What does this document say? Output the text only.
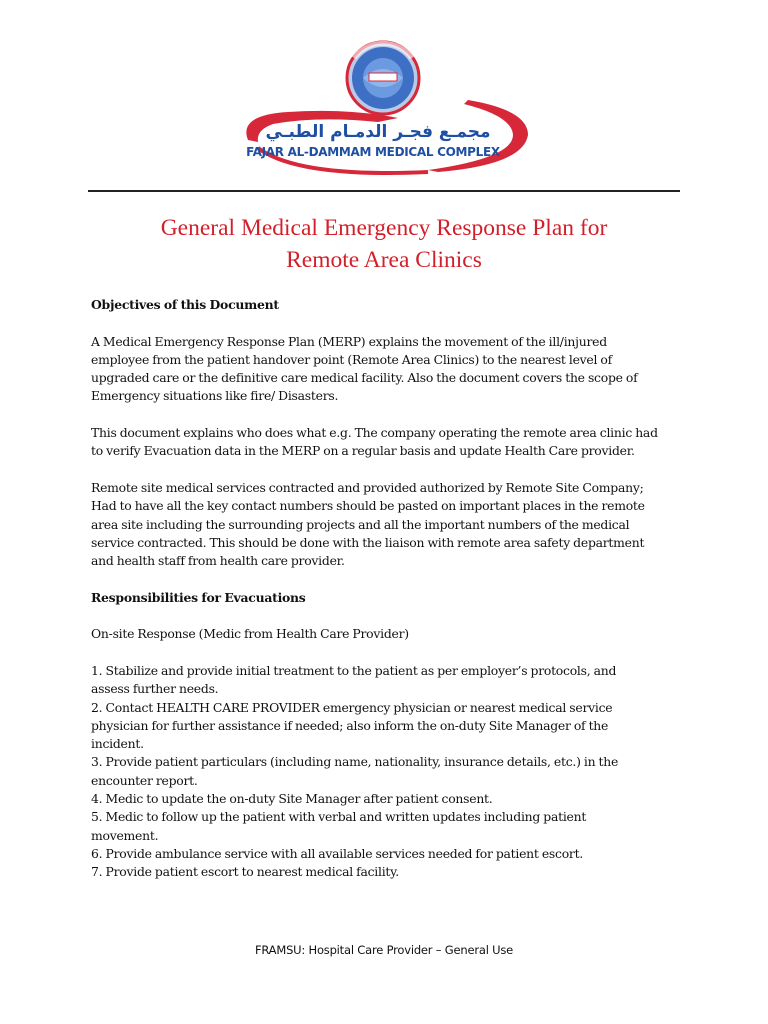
مجمـع فجـر الدمـام الطبـي
FAJAR AL-DAMMAM MEDICAL COMPLEX
General Medical Emergency Response Plan for
Remote Area Clinics

Objectives of this Document

A Medical Emergency Response Plan (MERP) explains the movement of the ill/injured

employee from the patient handover point (Remote Area Clinics) to the nearest level of

upgraded care or the definitive care medical facility. Also the document covers the scope of

Emergency situations like fire/ Disasters.

This document explains who does what e.g. The company operating the remote area clinic had

to verify Evacuation data in the MERP on a regular basis and update Health Care provider.

Remote site medical services contracted and provided authorized by Remote Site Company;

Had to have all the key contact numbers should be pasted on important places in the remote

area site including the surrounding projects and all the important numbers of the medical

service contracted. This should be done with the liaison with remote area safety department

and health staff from health care provider.

Responsibilities for Evacuations

On-site Response (Medic from Health Care Provider)

1. Stabilize and provide initial treatment to the patient as per employer’s protocols, and

assess further needs.

2. Contact HEALTH CARE PROVIDER emergency physician or nearest medical service

physician for further assistance if needed; also inform the on-duty Site Manager of the

incident.

3. Provide patient particulars (including name, nationality, insurance details, etc.) in the

encounter report.

4. Medic to update the on-duty Site Manager after patient consent.

5. Medic to follow up the patient with verbal and written updates including patient

movement.

6. Provide ambulance service with all available services needed for patient escort.

7. Provide patient escort to nearest medical facility.

FRAMSU: Hospital Care Provider – General Use
